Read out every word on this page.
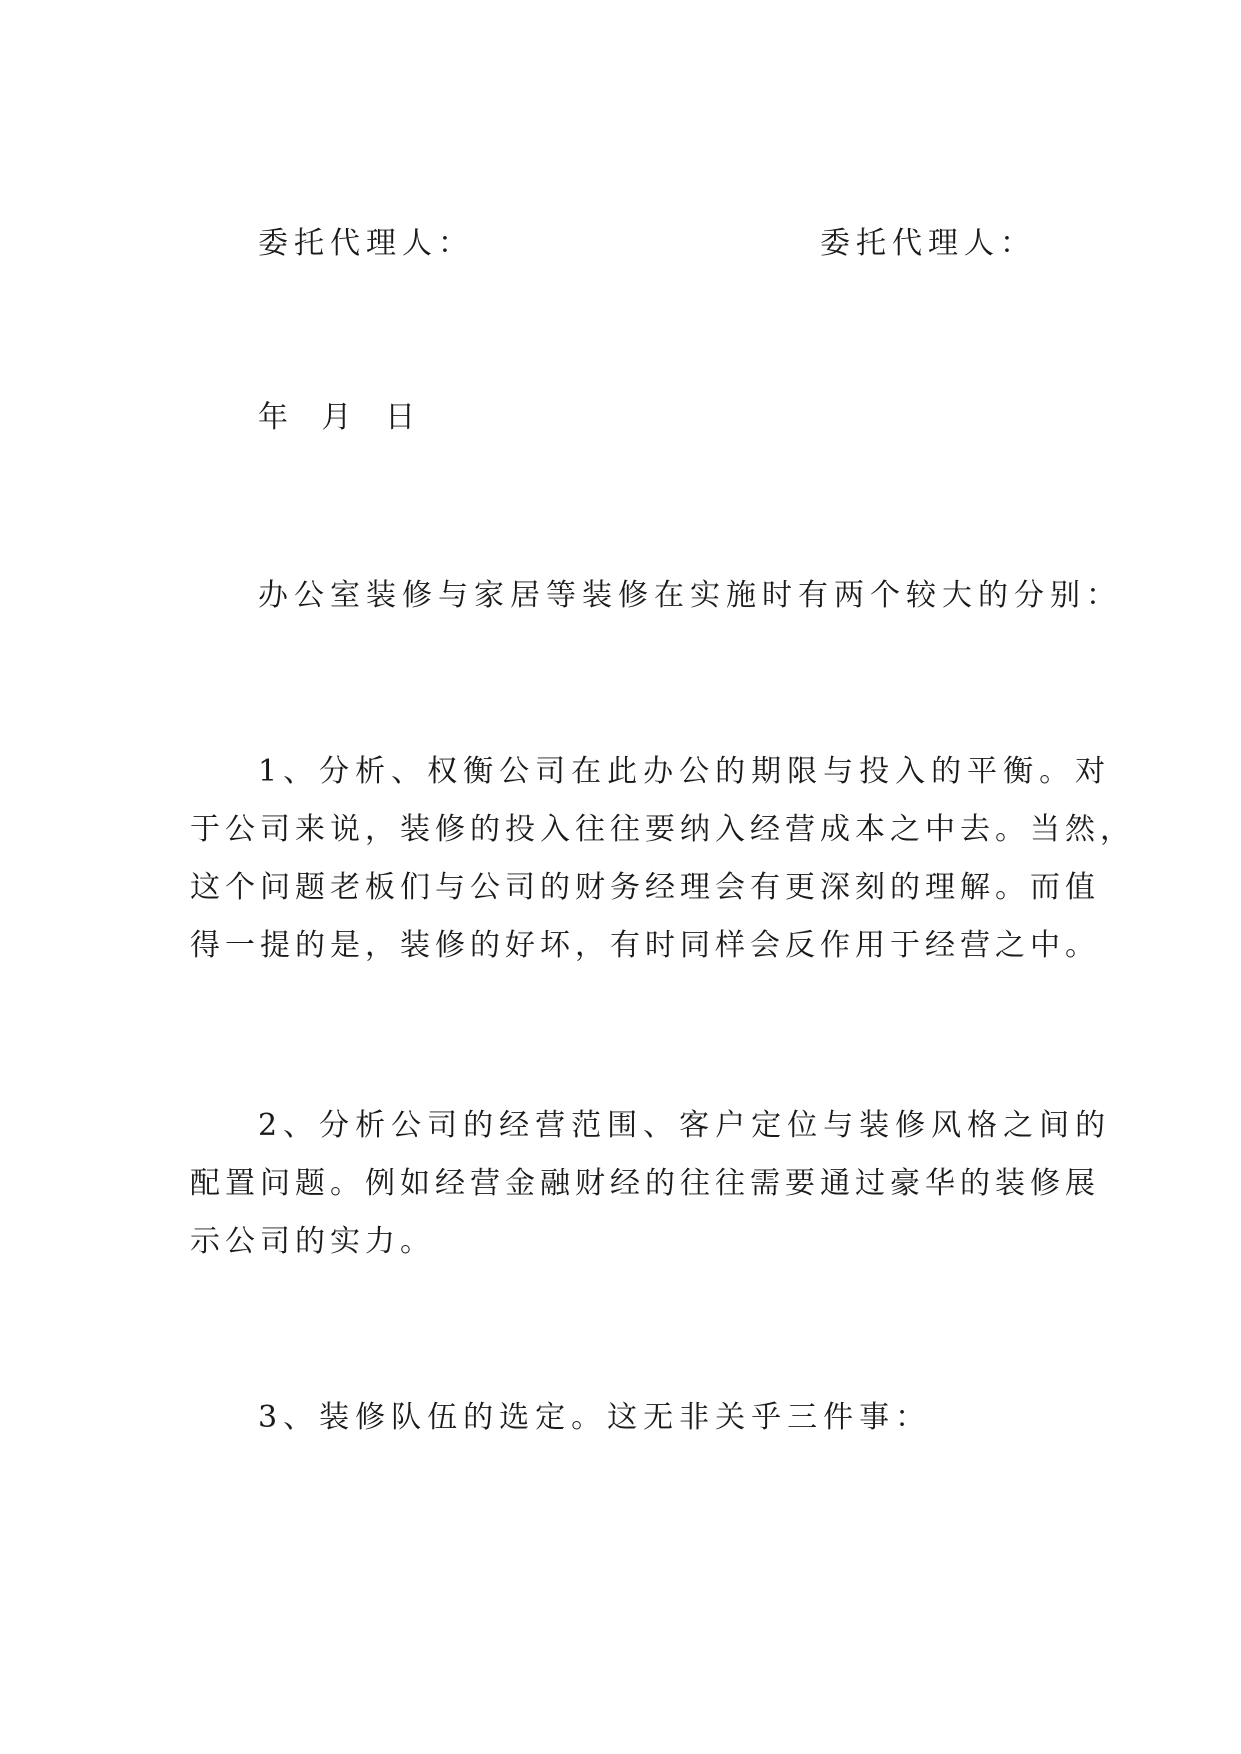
委托代理人：	委托代理人：

年 月 日

办公室装修与家居等装修在实施时有两个较大的分别：

1、分析、权衡公司在此办公的期限与投入的平衡。对

于公司来说，装修的投入往往要纳入经营成本之中去。当然，

这个问题老板们与公司的财务经理会有更深刻的理解。而值

得一提的是，装修的好坏，有时同样会反作用于经营之中。

2、分析公司的经营范围、客户定位与装修风格之间的

配置问题。例如经营金融财经的往往需要通过豪华的装修展

示公司的实力。

3、装修队伍的选定。这无非关乎三件事：
